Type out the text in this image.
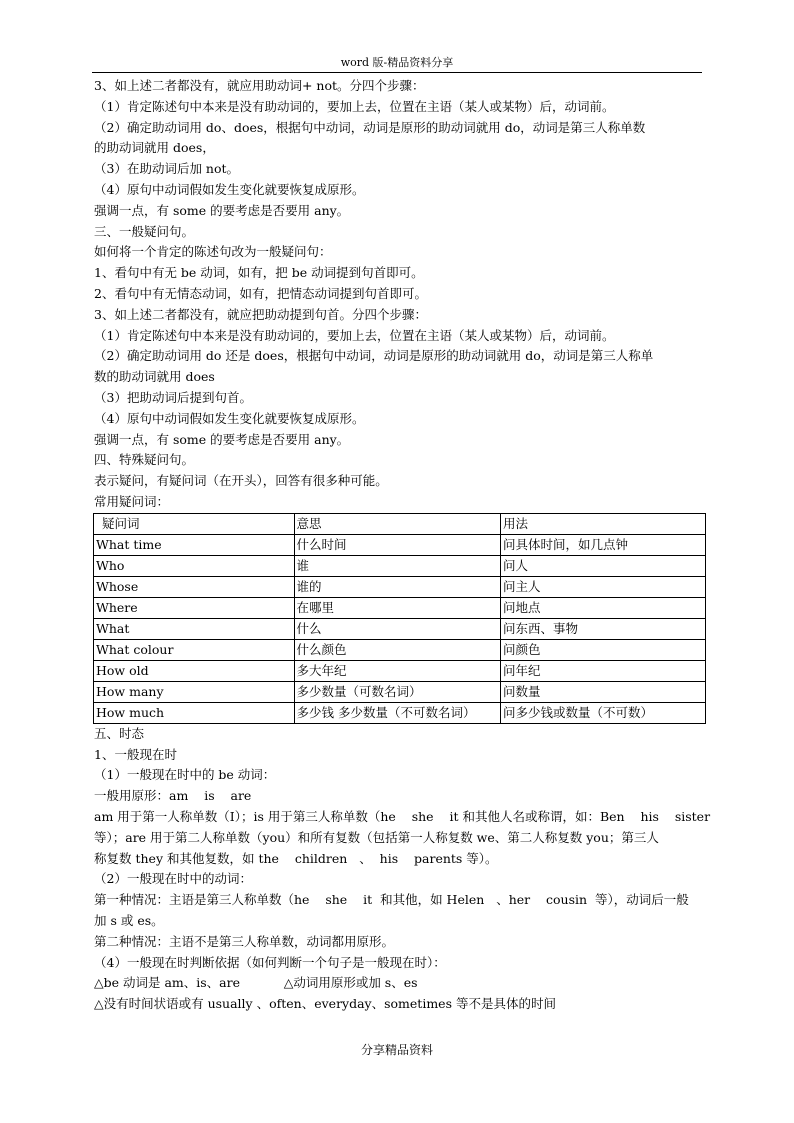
word 版-精品资料分享
3、如上述二者都没有，就应用助动词+ not。分四个步骤：
（1）肯定陈述句中本来是没有助动词的，要加上去，位置在主语（某人或某物）后，动词前。
（2）确定助动词用 do、does，根据句中动词，动词是原形的助动词就用 do，动词是第三人称单数
的助动词就用 does，
（3）在助动词后加 not。
（4）原句中动词假如发生变化就要恢复成原形。
强调一点，有 some 的要考虑是否要用 any。
三、一般疑问句。
如何将一个肯定的陈述句改为一般疑问句：
1、看句中有无 be 动词，如有，把 be 动词提到句首即可。
2、看句中有无情态动词，如有，把情态动词提到句首即可。
3、如上述二者都没有，就应把助动提到句首。分四个步骤：
（1）肯定陈述句中本来是没有助动词的，要加上去，位置在主语（某人或某物）后，动词前。
（2）确定助动词用 do 还是 does，根据句中动词，动词是原形的助动词就用 do，动词是第三人称单
数的助动词就用 does
（3）把助动词后提到句首。
（4）原句中动词假如发生变化就要恢复成原形。
强调一点，有 some 的要考虑是否要用 any。
四、特殊疑问句。
表示疑问，有疑问词（在开头），回答有很多种可能。
常用疑问词：
疑问词	意思	用法
What time	什么时间	问具体时间，如几点钟
Who	谁	问人
Whose	谁的	问主人
Where	在哪里	问地点
What	什么	问东西、事物
What colour	什么颜色	问颜色
How old	多大年纪	问年纪
How many	多少数量（可数名词）	问数量
How much	多少钱 多少数量（不可数名词）	问多少钱或数量（不可数）
五、时态
1、一般现在时
（1）一般现在时中的 be 动词：
一般用原形：am    is    are
am 用于第一人称单数（I）；is 用于第三人称单数（he    she    it 和其他人名或称谓，如：Ben    his    sister
等）；are 用于第二人称单数（you）和所有复数（包括第一人称复数 we、第二人称复数 you；第三人
称复数 they 和其他复数，如 the    children   、  his    parents 等）。
（2）一般现在时中的动词：
第一种情况：主语是第三人称单数（he    she    it  和其他，如 Helen   、her    cousin  等），动词后一般
加 s 或 es。
第二种情况：主语不是第三人称单数，动词都用原形。
（4）一般现在时判断依据（如何判断一个句子是一般现在时）：
△be 动词是 am、is、are           △动词用原形或加 s、es
△没有时间状语或有 usually 、often、everyday、sometimes 等不是具体的时间
分享精品资料
